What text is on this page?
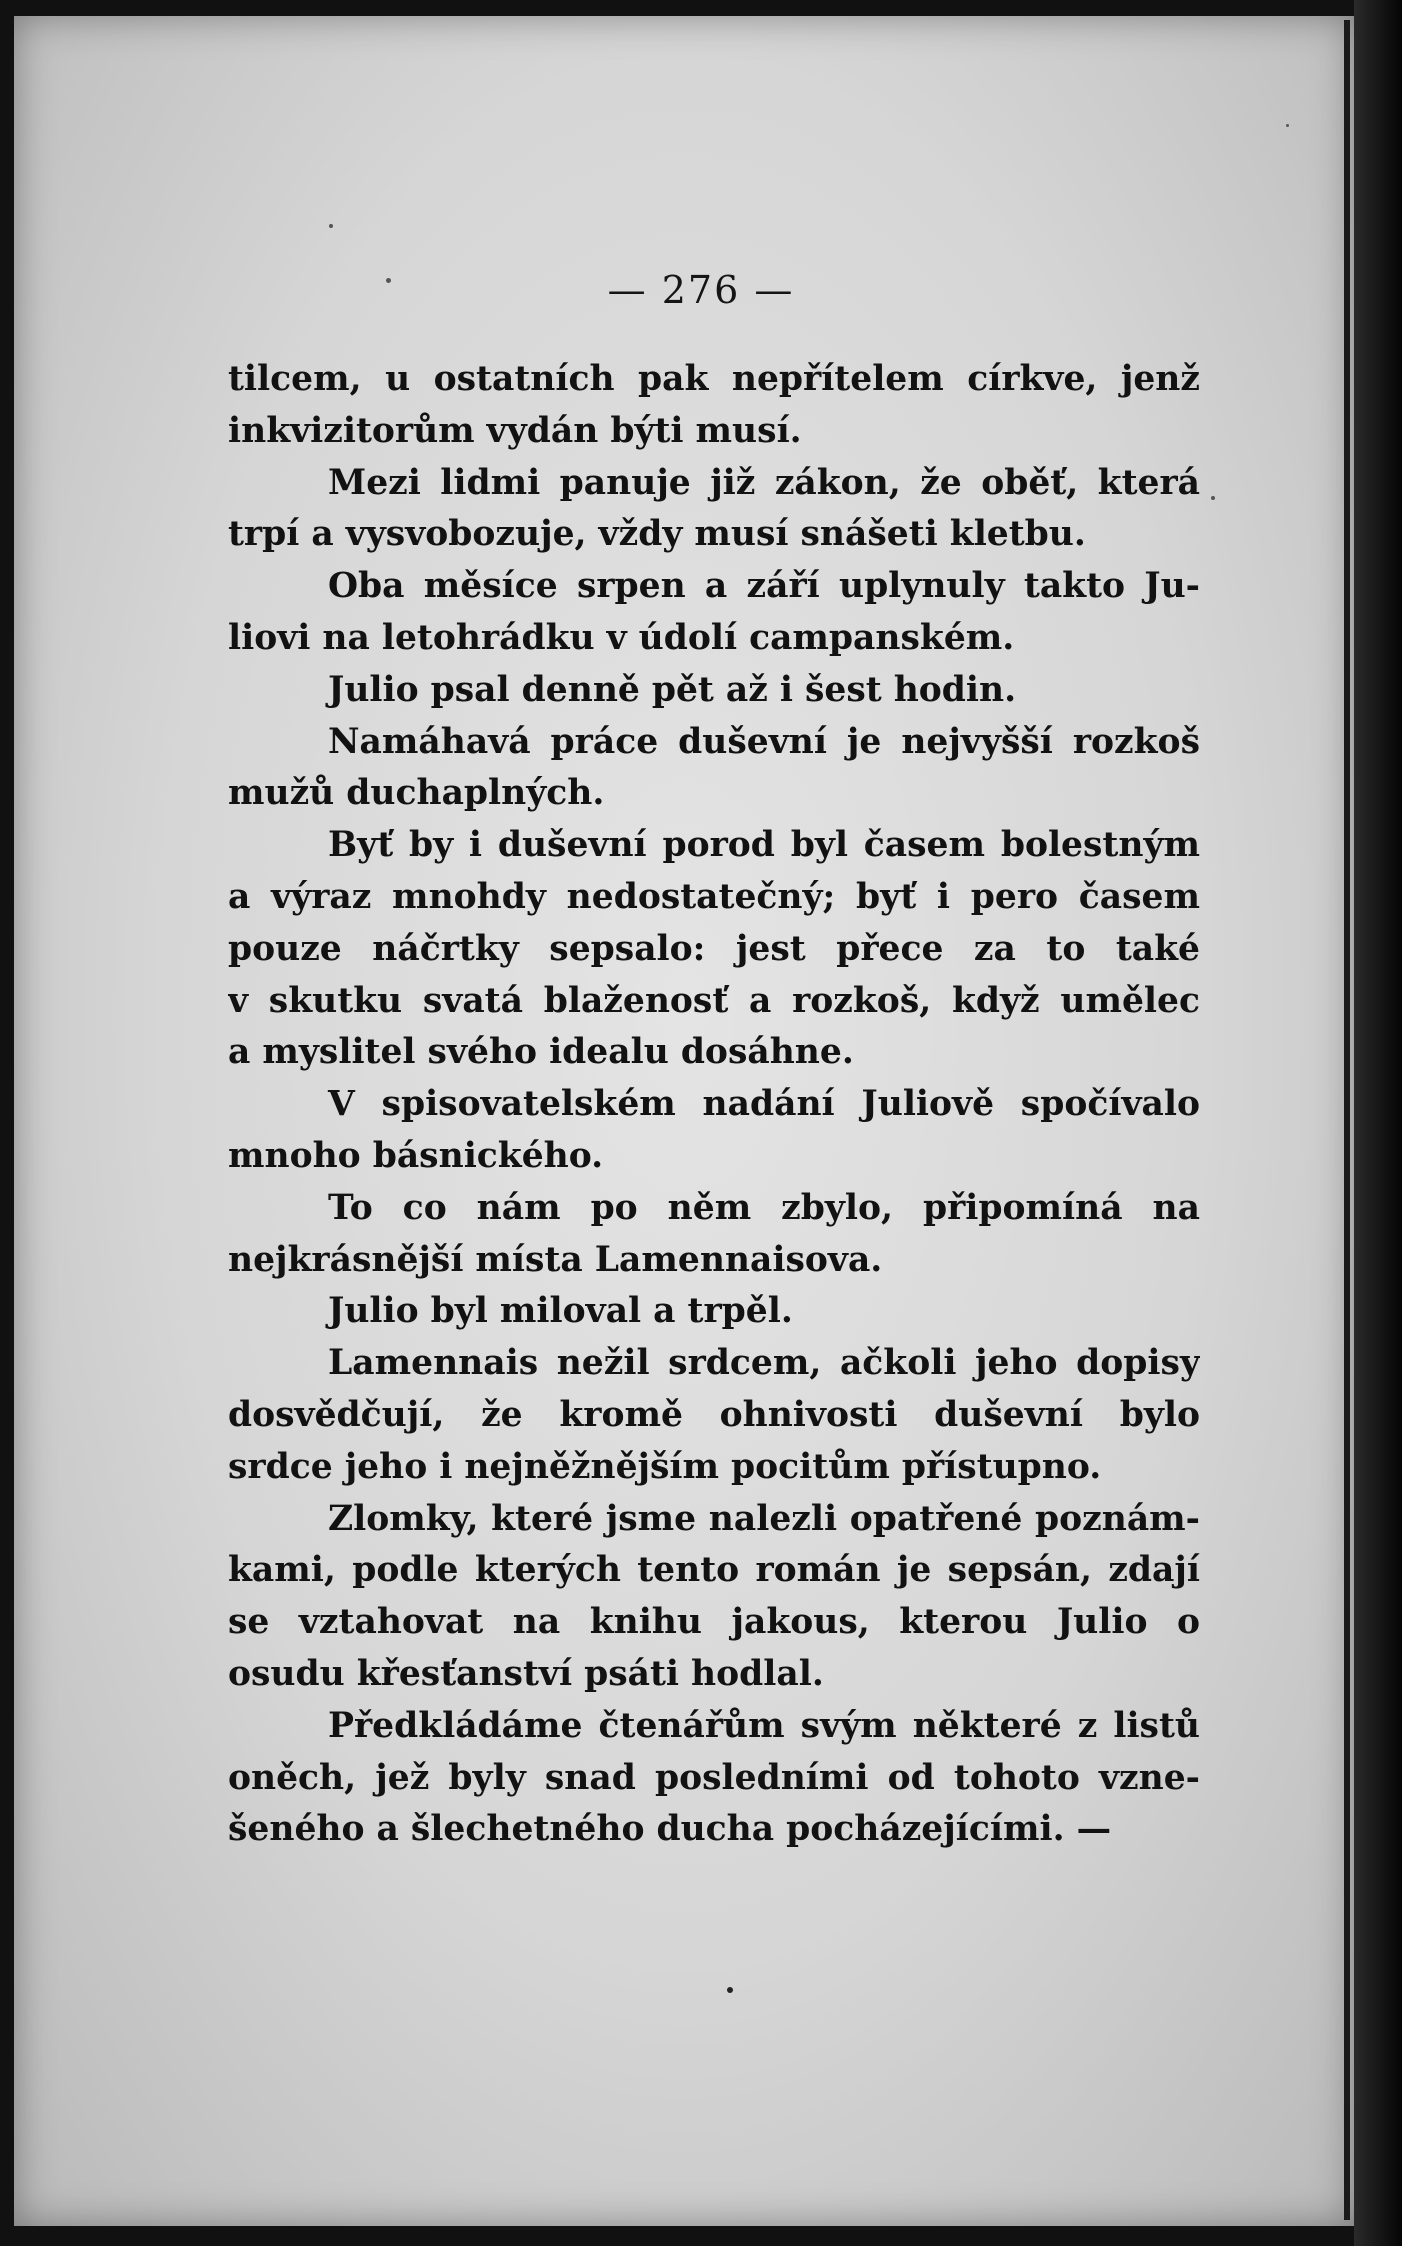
— 276 —
tilcem, u ostatních pak nepřítelem církve, jenž
inkvizitorům vydán býti musí.
Mezi lidmi panuje již zákon, že oběť, která
trpí a vysvobozuje, vždy musí snášeti kletbu.
Oba měsíce srpen a září uplynuly takto Ju-
liovi na letohrádku v údolí campanském.
Julio psal denně pět až i šest hodin.
Namáhavá práce duševní je nejvyšší rozkoš
mužů duchaplných.
Byť by i duševní porod byl časem bolestným
a výraz mnohdy nedostatečný; byť i pero časem
pouze náčrtky sepsalo: jest přece za to také
v skutku svatá blaženosť a rozkoš, když umělec
a myslitel svého idealu dosáhne.
V spisovatelském nadání Juliově spočívalo
mnoho básnického.
To co nám po něm zbylo, připomíná na
nejkrásnější místa Lamennaisova.
Julio byl miloval a trpěl.
Lamennais nežil srdcem, ačkoli jeho dopisy
dosvědčují, že kromě ohnivosti duševní bylo
srdce jeho i nejněžnějším pocitům přístupno.
Zlomky, které jsme nalezli opatřené poznám-
kami, podle kterých tento román je sepsán, zdají
se vztahovat na knihu jakous, kterou Julio o
osudu křesťanství psáti hodlal.
Předkládáme čtenářům svým některé z listů
oněch, jež byly snad posledními od tohoto vzne-
šeného a šlechetného ducha pocházejícími. —
